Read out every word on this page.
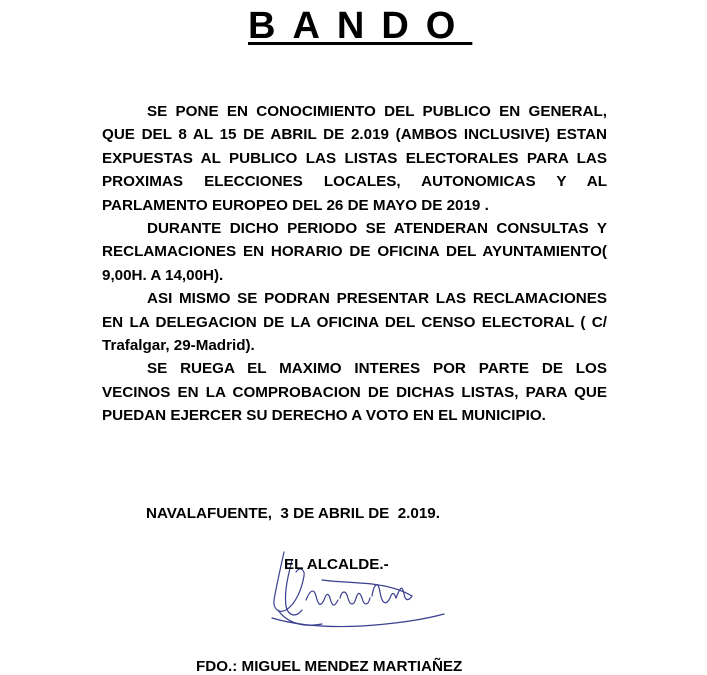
BANDO

SE PONE EN CONOCIMIENTO DEL PUBLICO EN GENERAL, QUE DEL 8 AL 15 DE ABRIL DE 2.019 (AMBOS INCLUSIVE) ESTAN EXPUESTAS AL PUBLICO LAS LISTAS ELECTORALES PARA LAS PROXIMAS ELECCIONES LOCALES, AUTONOMICAS Y AL PARLAMENTO EUROPEO DEL 26 DE MAYO DE 2019 .

DURANTE DICHO PERIODO SE ATENDERAN CONSULTAS Y RECLAMACIONES EN HORARIO DE OFICINA DEL AYUNTAMIENTO( 9,00H. A 14,00H).

ASI MISMO SE PODRAN PRESENTAR LAS RECLAMACIONES EN LA DELEGACION DE LA OFICINA DEL CENSO ELECTORAL ( C/ Trafalgar, 29-Madrid).

SE RUEGA EL MAXIMO INTERES POR PARTE DE LOS VECINOS EN LA COMPROBACION DE DICHAS LISTAS, PARA QUE PUEDAN EJERCER SU DERECHO A VOTO EN EL MUNICIPIO.

NAVALAFUENTE,  3 DE ABRIL DE  2.019.
EL ALCALDE.-
FDO.: MIGUEL MENDEZ MARTIAÑEZ
